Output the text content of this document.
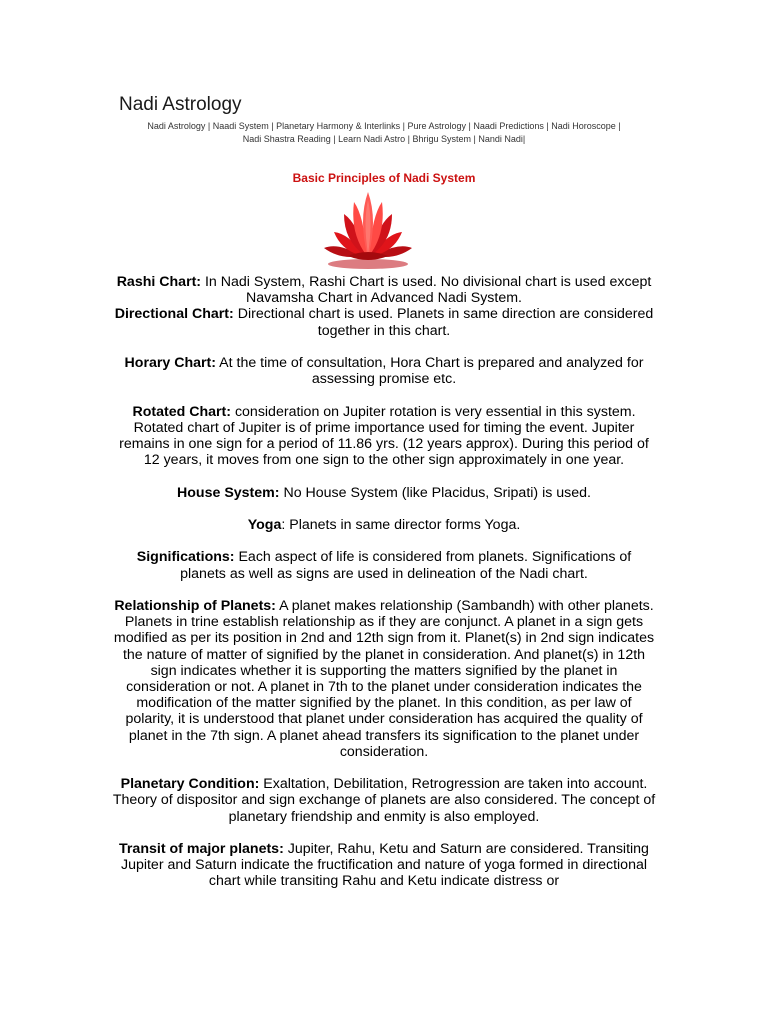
Nadi Astrology
Nadi Astrology | Naadi System | Planetary Harmony & Interlinks | Pure Astrology | Naadi Predictions | Nadi Horoscope |
Nadi Shastra Reading | Learn Nadi Astro | Bhrigu System | Nandi Nadi|
Basic Principles of Nadi System

Rashi Chart: In Nadi System, Rashi Chart is used. No divisional chart is used except Navamsha Chart in Advanced Nadi System.

Directional Chart: Directional chart is used. Planets in same direction are considered together in this chart.

Horary Chart: At the time of consultation, Hora Chart is prepared and analyzed for assessing promise etc.

Rotated Chart: consideration on Jupiter rotation is very essential in this system. Rotated chart of Jupiter is of prime importance used for timing the event. Jupiter remains in one sign for a period of 11.86 yrs. (12 years approx). During this period of 12 years, it moves from one sign to the other sign approximately in one year.

House System: No House System (like Placidus, Sripati) is used.

Yoga: Planets in same director forms Yoga.

Significations: Each aspect of life is considered from planets. Significations of planets as well as signs are used in delineation of the Nadi chart.

Relationship of Planets: A planet makes relationship (Sambandh) with other planets. Planets in trine establish relationship as if they are conjunct. A planet in a sign gets modified as per its position in 2nd and 12th sign from it. Planet(s) in 2nd sign indicates the nature of matter of signified by the planet in consideration. And planet(s) in 12th sign indicates whether it is supporting the matters signified by the planet in consideration or not. A planet in 7th to the planet under consideration indicates the modification of the matter signified by the planet. In this condition, as per law of polarity, it is understood that planet under consideration has acquired the quality of planet in the 7th sign. A planet ahead transfers its signification to the planet under consideration.

Planetary Condition: Exaltation, Debilitation, Retrogression are taken into account. Theory of dispositor and sign exchange of planets are also considered. The concept of planetary friendship and enmity is also employed.

Transit of major planets: Jupiter, Rahu, Ketu and Saturn are considered. Transiting Jupiter and Saturn indicate the fructification and nature of yoga formed in directional chart while transiting Rahu and Ketu indicate distress or
